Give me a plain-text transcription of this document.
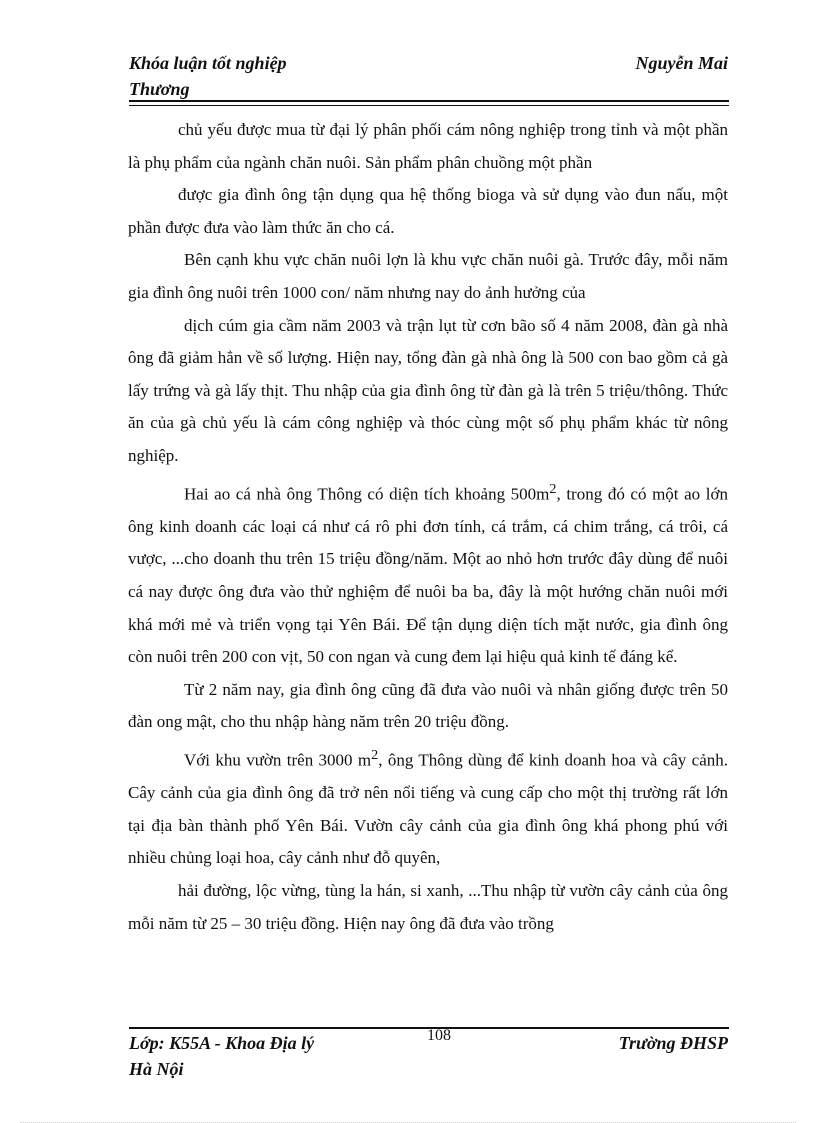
Khóa luận tốt nghiệp
Thương
Nguyễn Mai

chủ yếu được mua từ đại lý phân phối cám nông nghiệp trong tỉnh và một phần là phụ phẩm của ngành chăn nuôi. Sản phẩm phân chuồng một phần

được gia đình ông tận dụng qua hệ thống bioga và sử dụng vào đun nấu, một phần được đưa vào làm thức ăn cho cá.

Bên cạnh khu vực chăn nuôi lợn là khu vực chăn nuôi gà. Trước đây, mỗi năm gia đình ông nuôi trên 1000 con/ năm nhưng nay do ảnh hưởng của

dịch cúm gia cầm năm 2003 và trận lụt từ cơn bão số 4 năm 2008, đàn gà nhà ông đã giảm hẳn về số lượng. Hiện nay, tổng đàn gà nhà ông là 500 con bao gồm cả gà lấy trứng và gà lấy thịt. Thu nhập của gia đình ông từ đàn gà là trên 5 triệu/thông. Thức ăn của gà chủ yếu là cám công nghiệp và thóc cùng một số phụ phẩm khác từ nông nghiệp.

Hai ao cá nhà ông Thông có diện tích khoảng $500m^2$, trong đó có một ao lớn ông kinh doanh các loại cá như cá rô phi đơn tính, cá trắm, cá chim trắng, cá trôi, cá vược, ...cho doanh thu trên 15 triệu đồng/năm. Một ao nhỏ hơn trước đây dùng để nuôi cá nay được ông đưa vào thử nghiệm để nuôi ba ba, đây là một hướng chăn nuôi mới khá mới mẻ và triển vọng tại Yên Bái. Để tận dụng diện tích mặt nước, gia đình ông còn nuôi trên 200 con vịt, 50 con ngan và cung đem lại hiệu quả kinh tế đáng kể.

Từ 2 năm nay, gia đình ông cũng đã đưa vào nuôi và nhân giống được trên 50 đàn ong mật, cho thu nhập hàng năm trên 20 triệu đồng.

Với khu vườn trên 3000 $m^2$, ông Thông dùng để kinh doanh hoa và cây cảnh. Cây cảnh của gia đình ông đã trở nên nổi tiếng và cung cấp cho một thị trường rất lớn tại địa bàn thành phố Yên Bái. Vườn cây cảnh của gia đình ông khá phong phú với nhiều chủng loại hoa, cây cảnh như đỗ quyên,

hải đường, lộc vừng, tùng la hán, si xanh, ...Thu nhập từ vườn cây cảnh của ông mỗi năm từ 25 – 30 triệu đồng. Hiện nay ông đã đưa vào trồng

Lớp: K55A - Khoa Địa lý
Hà Nội
108	Trường ĐHSP
